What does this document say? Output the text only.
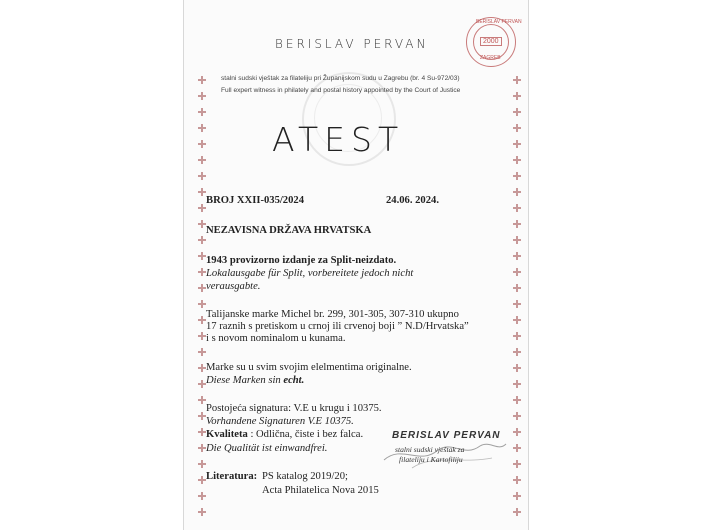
BERISLAV PERVAN
stalni sudski vještak za filateliju pri Županijskom sudu u Zagrebu (br. 4 Su-972/03)
Full expert witness in philately and postal history appointed by the Court of Justice
BERISLAV PERVAN
2000
ZAGREB
ATEST
BROJ XXII-035/2024	24.06. 2024.
NEZAVISNA DRŽAVA HRVATSKA
1943 provizorno izdanje za Split-neizdato.
Lokalausgabe für Split, vorbereitete jedoch nicht
verausgabte.
Talijanske marke Michel br. 299, 301-305, 307-310 ukupno
17 raznih s pretiskom u crnoj ili crvenoj boji ” N.D/Hrvatska”
i s novom nominalom u kunama.
Marke su u svim svojim elelmentima originalne.
Diese Marken sin echt.
Postojeća signatura: V.E u krugu i 10375.
Vorhandene Signaturen V.E 10375.
Kvaliteta : Odlična, čiste i bez falca.
Die Qualität ist einwandfrei.
Literatura: PS katalog 2019/20;
Acta Philatelica Nova 2015
BERISLAV PERVAN
stalni sudski vještak za
filateliju i Kartofiliju
